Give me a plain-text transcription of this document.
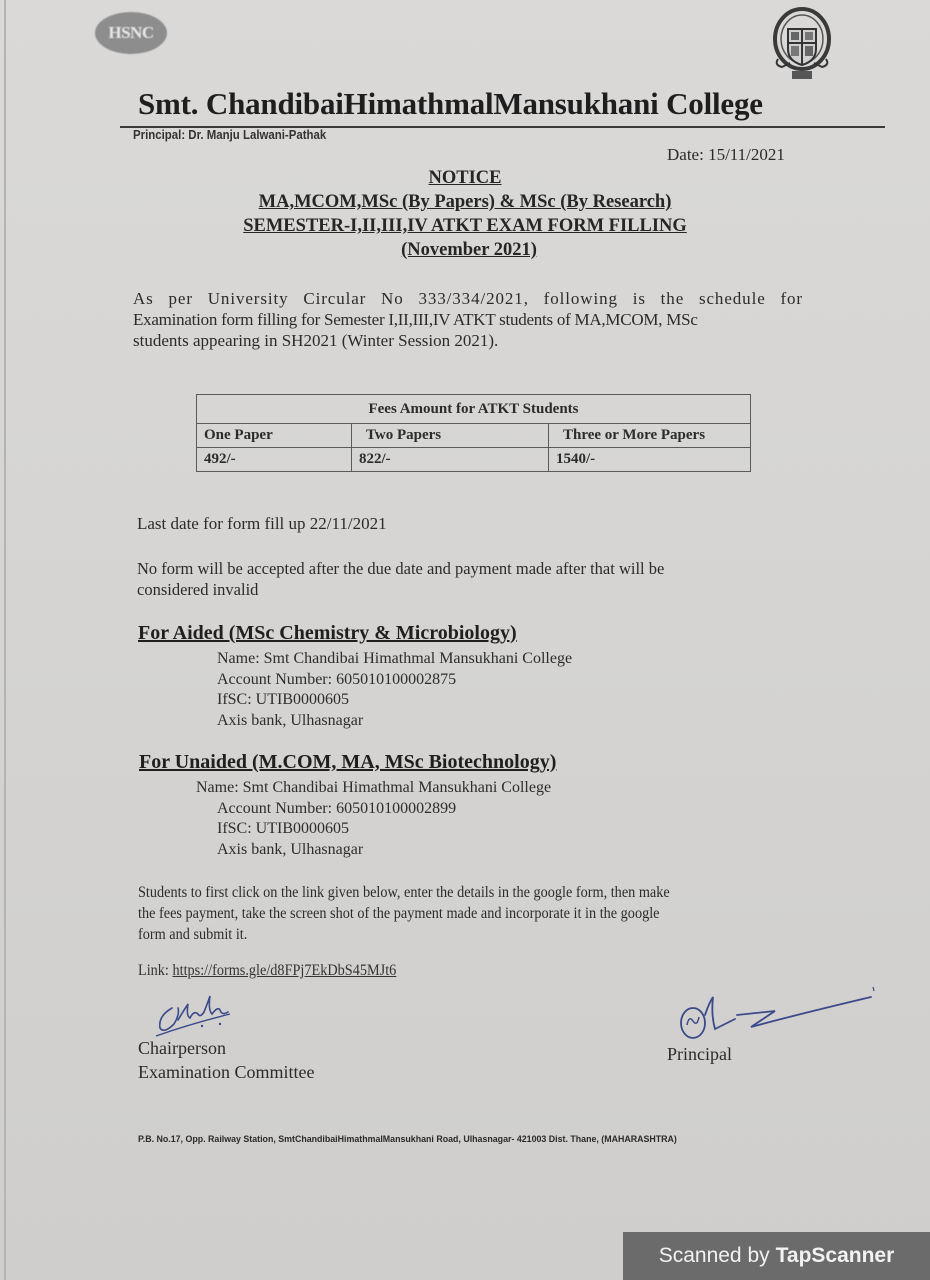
HSNC
Smt. ChandibaiHimathmalMansukhani College
Principal: Dr. Manju Lalwani-Pathak
Date: 15/11/2021
NOTICE
MA,MCOM,MSc (By Papers) & MSc (By Research)
SEMESTER-I,II,III,IV ATKT EXAM FORM FILLING
(November 2021)
As per University Circular No 333/334/2021, following is the schedule for
Examination form filling for Semester I,II,III,IV ATKT students of MA,MCOM, MSc
students appearing in SH2021 (Winter Session 2021).
Fees Amount for ATKT Students		
One Paper	Two Papers	Three or More Papers
492/-	822/-	1540/-
Last date for form fill up 22/11/2021
No form will be accepted after the due date and payment made after that will be
considered invalid
For Aided (MSc Chemistry & Microbiology)
Name: Smt Chandibai Himathmal Mansukhani College
Account Number: 605010100002875
IfSC: UTIB0000605
Axis bank, Ulhasnagar
For Unaided (M.COM, MA, MSc Biotechnology)
Name: Smt Chandibai Himathmal Mansukhani College
Account Number: 605010100002899
IfSC: UTIB0000605
Axis bank, Ulhasnagar
Students to first click on the link given below, enter the details in the google form, then make
the fees payment, take the screen shot of the payment made and incorporate it in the google
form and submit it.
Link: https://forms.gle/d8FPj7EkDbS45MJt6
Chairperson
Examination Committee
Principal
P.B. No.17, Opp. Railway Station, SmtChandibaiHimathmalMansukhani Road, Ulhasnagar- 421003 Dist. Thane, (MAHARASHTRA)
Scanned by TapScanner
